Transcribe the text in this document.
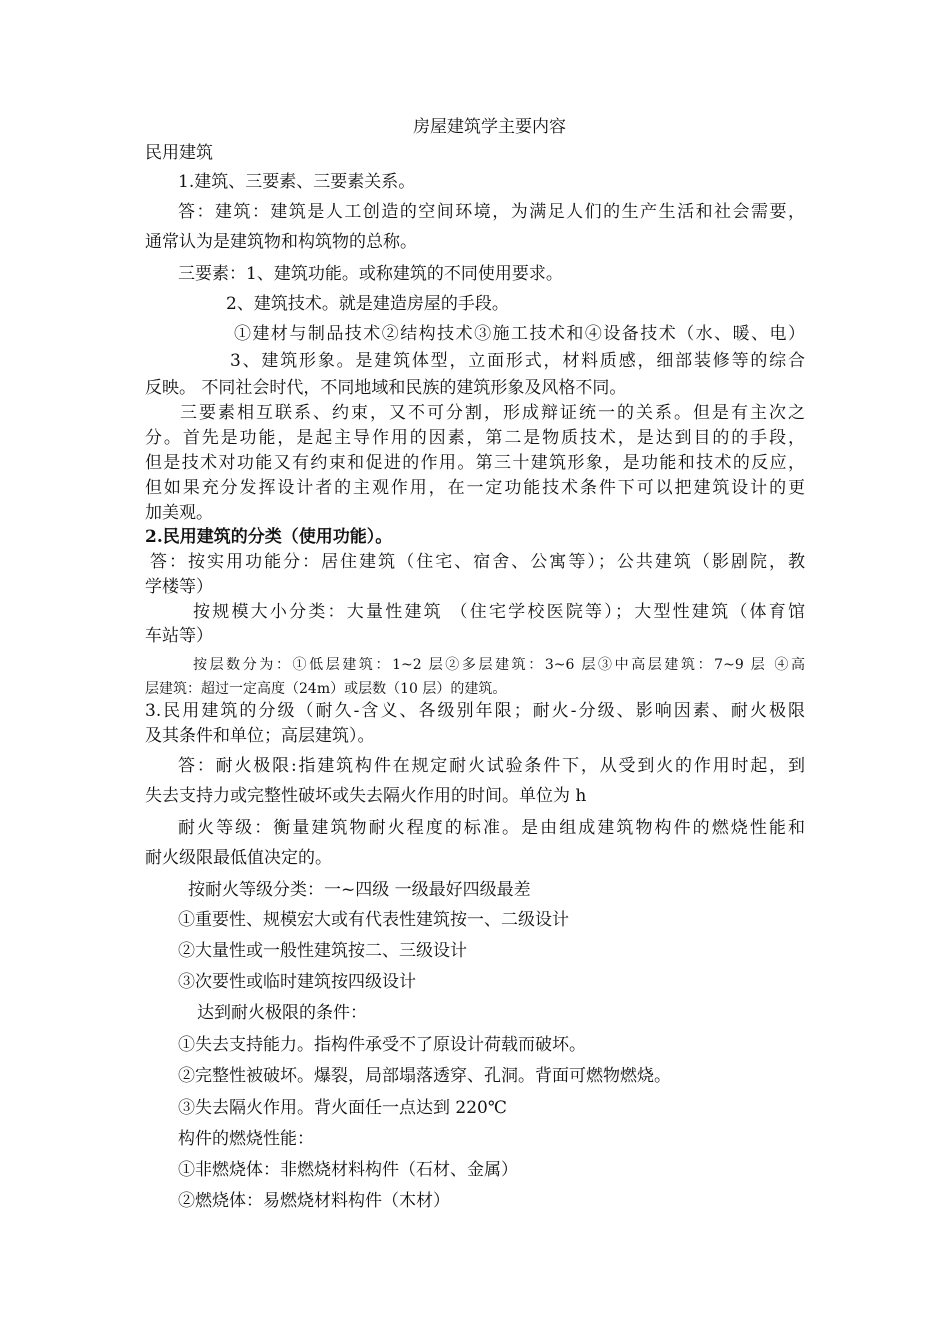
房屋建筑学主要内容

民用建筑

1.建筑、三要素、三要素关系。

答：建筑：建筑是人工创造的空间环境，为满足人们的生产生活和社会需要，

通常认为是建筑物和构筑物的总称。

三要素：1、建筑功能。或称建筑的不同使用要求。

2、建筑技术。就是建造房屋的手段。

①建材与制品技术②结构技术③施工技术和④设备技术（水、暖、电）

3、建筑形象。是建筑体型，立面形式，材料质感，细部装修等的综合

反映。 不同社会时代，不同地域和民族的建筑形象及风格不同。

三要素相互联系、约束，又不可分割，形成辩证统一的关系。但是有主次之

分。首先是功能，是起主导作用的因素，第二是物质技术，是达到目的的手段，

但是技术对功能又有约束和促进的作用。第三十建筑形象，是功能和技术的反应，

但如果充分发挥设计者的主观作用，在一定功能技术条件下可以把建筑设计的更

加美观。

2.民用建筑的分类（使用功能）。

答：按实用功能分：居住建筑（住宅、宿舍、公寓等）；公共建筑（影剧院，教

学楼等）

按规模大小分类：大量性建筑 （住宅学校医院等）；大型性建筑（体育馆

车站等）

按层数分为：①低层建筑：1~2 层②多层建筑：3~6 层③中高层建筑：7~9 层 ④高

层建筑：超过一定高度（24m）或层数（10 层）的建筑。

3.民用建筑的分级（耐久-含义、各级别年限；耐火-分级、影响因素、耐火极限

及其条件和单位；高层建筑）。

答：耐火极限:指建筑构件在规定耐火试验条件下，从受到火的作用时起，到

失去支持力或完整性破坏或失去隔火作用的时间。单位为 h

耐火等级：衡量建筑物耐火程度的标准。是由组成建筑物构件的燃烧性能和

耐火级限最低值决定的。

按耐火等级分类：一~四级 一级最好四级最差

①重要性、规模宏大或有代表性建筑按一、二级设计

②大量性或一般性建筑按二、三级设计

③次要性或临时建筑按四级设计

达到耐火极限的条件：

①失去支持能力。指构件承受不了原设计荷载而破坏。

②完整性被破坏。爆裂，局部塌落透穿、孔洞。背面可燃物燃烧。

③失去隔火作用。背火面任一点达到 220℃

构件的燃烧性能：

①非燃烧体：非燃烧材料构件（石材、金属）

②燃烧体：易燃烧材料构件（木材）
